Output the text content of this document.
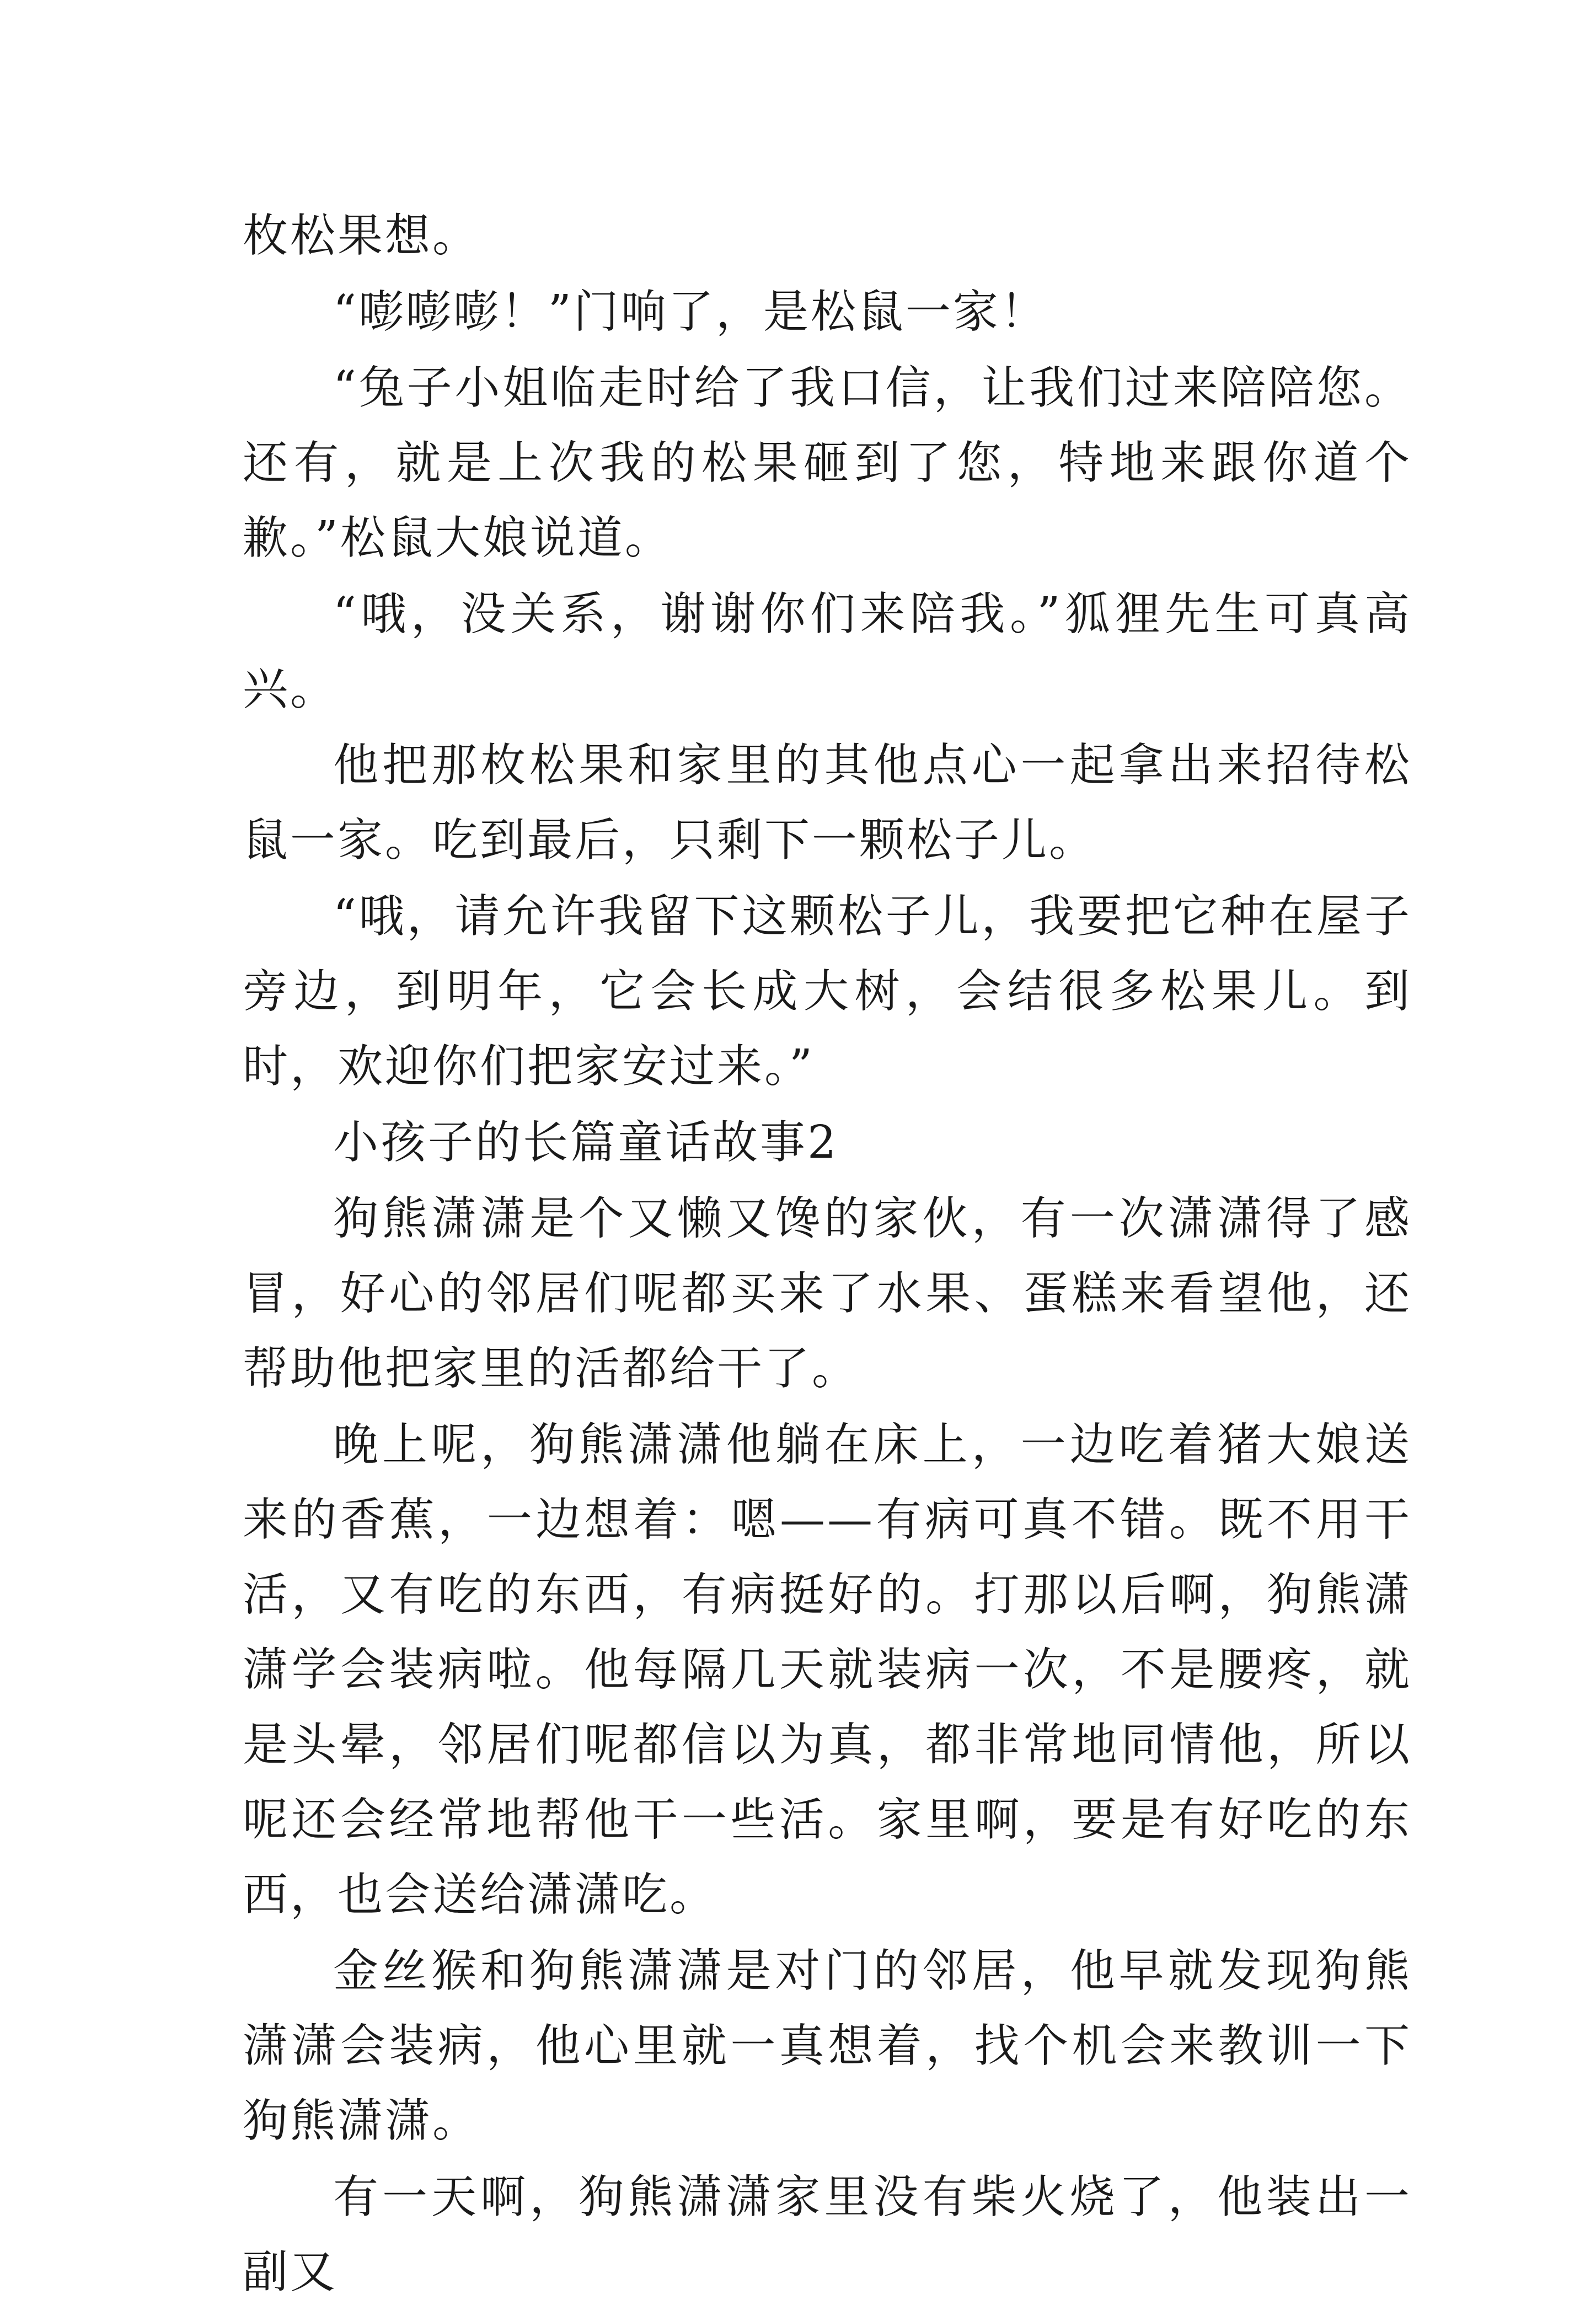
枚松果想。

“嘭嘭嘭！”门响了，是松鼠一家！

“兔子小姐临走时给了我口信，让我们过来陪陪您。还有，就是上次我的松果砸到了您，特地来跟你道个歉。”松鼠大娘说道。

“哦，没关系，谢谢你们来陪我。”狐狸先生可真高兴。

他把那枚松果和家里的其他点心一起拿出来招待松鼠一家。吃到最后，只剩下一颗松子儿。

“哦，请允许我留下这颗松子儿，我要把它种在屋子旁边，到明年，它会长成大树，会结很多松果儿。到时，欢迎你们把家安过来。”

小孩子的长篇童话故事2

狗熊潇潇是个又懒又馋的家伙，有一次潇潇得了感冒，好心的邻居们呢都买来了水果、蛋糕来看望他，还帮助他把家里的活都给干了。

晚上呢，狗熊潇潇他躺在床上，一边吃着猪大娘送来的香蕉，一边想着：嗯——有病可真不错。既不用干活，又有吃的东西，有病挺好的。打那以后啊，狗熊潇潇学会装病啦。他每隔几天就装病一次，不是腰疼，就是头晕，邻居们呢都信以为真，都非常地同情他，所以呢还会经常地帮他干一些活。家里啊，要是有好吃的东西，也会送给潇潇吃。

金丝猴和狗熊潇潇是对门的邻居，他早就发现狗熊潇潇会装病，他心里就一真想着，找个机会来教训一下狗熊潇潇。

有一天啊，狗熊潇潇家里没有柴火烧了，他装出一副又
